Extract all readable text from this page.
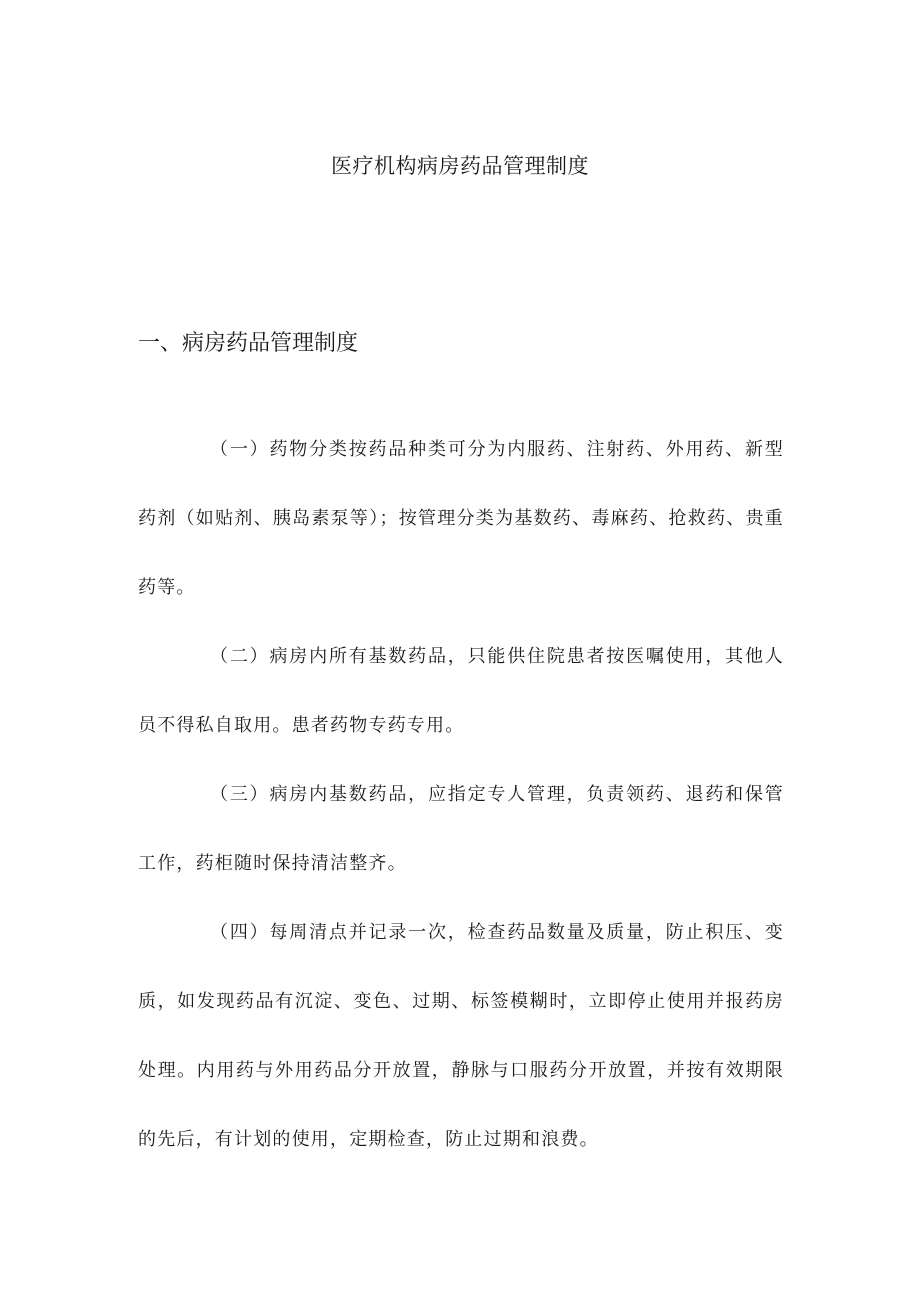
医疗机构病房药品管理制度
一、病房药品管理制度

（一）药物分类按药品种类可分为内服药、注射药、外用药、新型药剂（如贴剂、胰岛素泵等）；按管理分类为基数药、毒麻药、抢救药、贵重药等。

（二）病房内所有基数药品，只能供住院患者按医嘱使用，其他人员不得私自取用。患者药物专药专用。

（三）病房内基数药品，应指定专人管理，负责领药、退药和保管工作，药柜随时保持清洁整齐。

（四）每周清点并记录一次，检查药品数量及质量，防止积压、变质，如发现药品有沉淀、变色、过期、标签模糊时，立即停止使用并报药房处理。内用药与外用药品分开放置，静脉与口服药分开放置，并按有效期限的先后，有计划的使用，定期检查，防止过期和浪费。
